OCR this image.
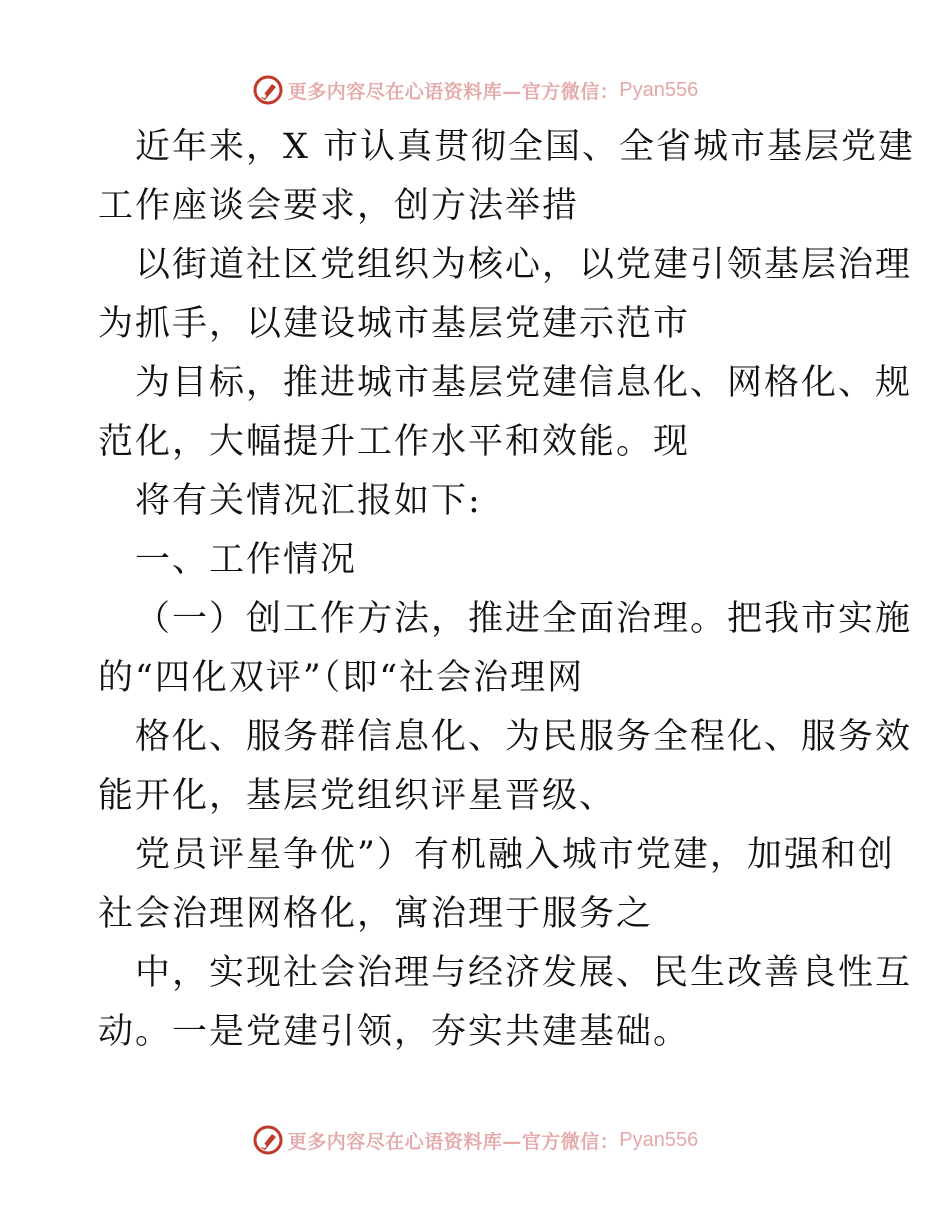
更多内容尽在心语资料库—官方微信： Pyan556
近年来，X 市认真贯彻全国、全省城市基层党建
工作座谈会要求，创方法举措
以街道社区党组织为核心，以党建引领基层治理
为抓手，以建设城市基层党建示范市
为目标，推进城市基层党建信息化、网格化、规
范化，大幅提升工作水平和效能。现
将有关情况汇报如下:
一、工作情况
（一）创工作方法，推进全面治理。把我市实施
的“四化双评”（即“社会治理网
格化、服务群信息化、为民服务全程化、服务效
能开化，基层党组织评星晋级、
党员评星争优”）有机融入城市党建，加强和创
社会治理网格化，寓治理于服务之
中，实现社会治理与经济发展、民生改善良性互
动。一是党建引领，夯实共建基础。
更多内容尽在心语资料库—官方微信： Pyan556
